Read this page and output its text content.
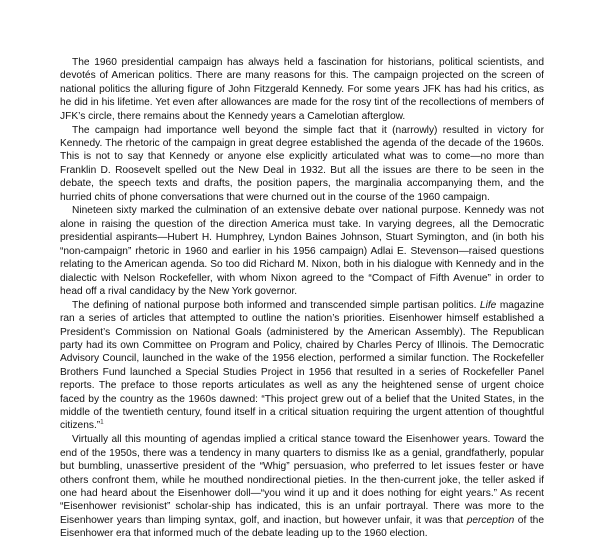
The 1960 presidential campaign has always held a fascination for historians, political scientists, and devotés of American politics. There are many reasons for this. The campaign projected on the screen of national politics the alluring figure of John Fitzgerald Kennedy. For some years JFK has had his critics, as he did in his lifetime. Yet even after allowances are made for the rosy tint of the recollections of members of JFK’s circle, there remains about the Kennedy years a Camelotian afterglow.

The campaign had importance well beyond the simple fact that it (narrowly) resulted in victory for Kennedy. The rhetoric of the campaign in great degree established the agenda of the decade of the 1960s. This is not to say that Kennedy or anyone else explicitly articulated what was to come—no more than Franklin D. Roosevelt spelled out the New Deal in 1932. But all the issues are there to be seen in the debate, the speech texts and drafts, the position papers, the marginalia accompanying them, and the hurried chits of phone conversations that were churned out in the course of the 1960 campaign.

Nineteen sixty marked the culmination of an extensive debate over national purpose. Kennedy was not alone in raising the question of the direction America must take. In varying degrees, all the Democratic presidential aspirants—Hubert H. Humphrey, Lyndon Baines Johnson, Stuart Symington, and (in both his “non-campaign” rhetoric in 1960 and earlier in his 1956 campaign) Adlai E. Stevenson—raised questions relating to the American agenda. So too did Richard M. Nixon, both in his dialogue with Kennedy and in the dialectic with Nelson Rockefeller, with whom Nixon agreed to the “Compact of Fifth Avenue” in order to head off a rival candidacy by the New York governor.

The defining of national purpose both informed and transcended simple partisan politics. Life magazine ran a series of articles that attempted to outline the nation’s priorities. Eisenhower himself established a President’s Commission on National Goals (administered by the American Assembly). The Republican party had its own Committee on Program and Policy, chaired by Charles Percy of Illinois. The Democratic Advisory Council, launched in the wake of the 1956 election, performed a similar function. The Rockefeller Brothers Fund launched a Special Studies Project in 1956 that resulted in a series of Rockefeller Panel reports. The preface to those reports articulates as well as any the heightened sense of urgent choice faced by the country as the 1960s dawned: “This project grew out of a belief that the United States, in the middle of the twentieth century, found itself in a critical situation requiring the urgent attention of thoughtful citizens.”$^1$

Virtually all this mounting of agendas implied a critical stance toward the Eisenhower years. Toward the end of the 1950s, there was a tendency in many quarters to dismiss Ike as a genial, grandfatherly, popular but bumbling, unassertive president of the “Whig” persuasion, who preferred to let issues fester or have others confront them, while he mouthed nondirectional pieties. In the then-current joke, the teller asked if one had heard about the Eisenhower doll—“you wind it up and it does nothing for eight years.” As recent “Eisenhower revisionist” scholar-ship has indicated, this is an unfair portrayal. There was more to the Eisenhower years than limping syntax, golf, and inaction, but however unfair, it was that perception of the Eisenhower era that informed much of the debate leading up to the 1960 election.
